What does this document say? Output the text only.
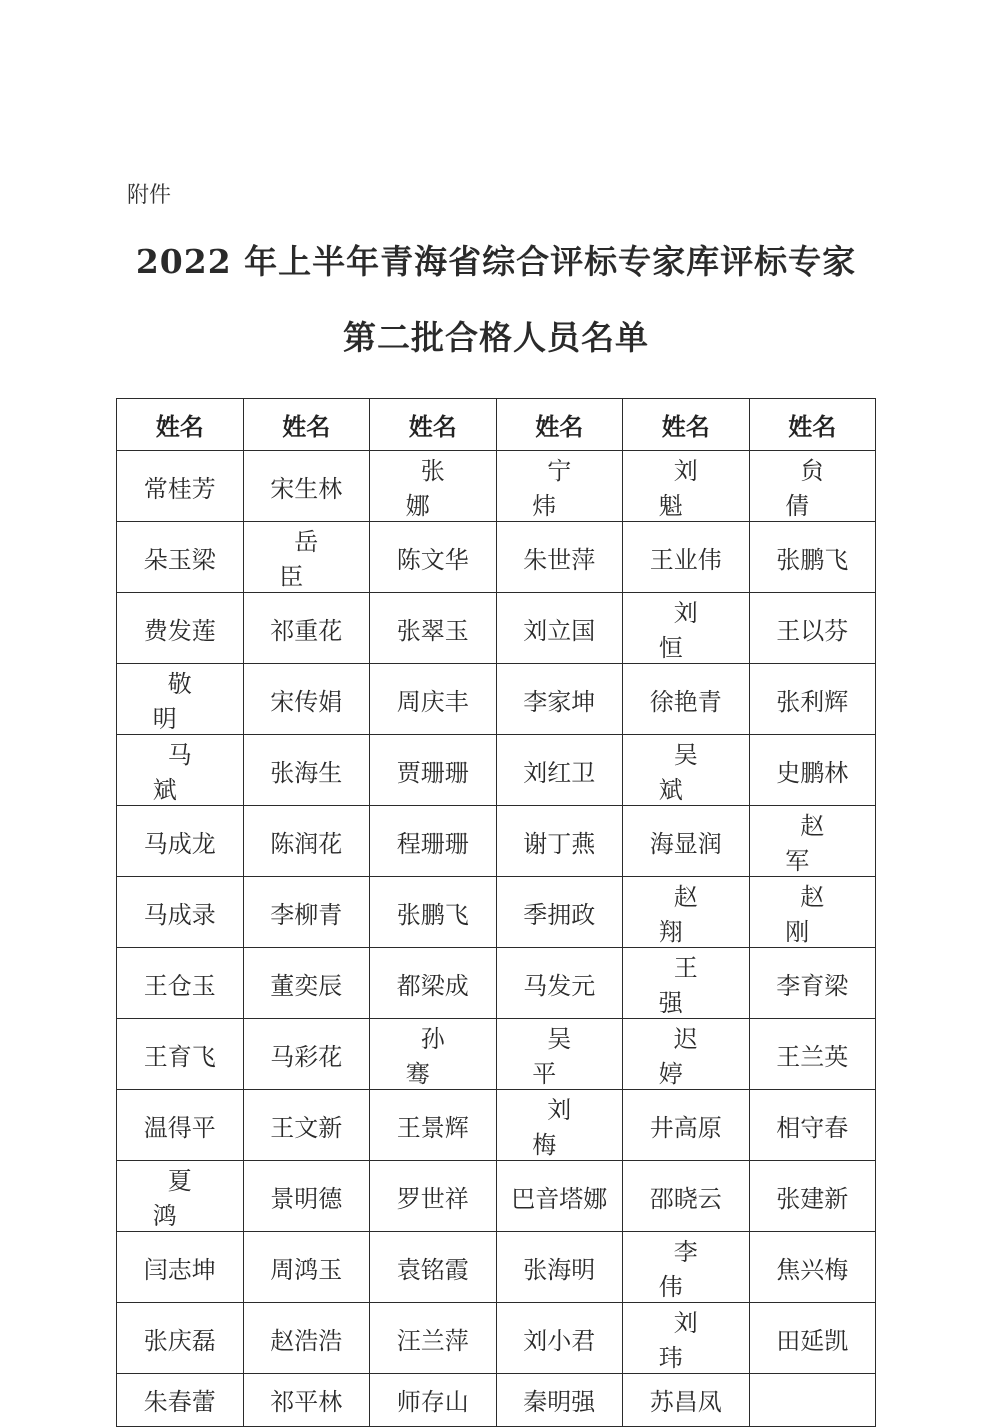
附件
2022 年上半年青海省综合评标专家库评标专家
第二批合格人员名单
姓名	姓名	姓名	姓名	姓名	姓名
常桂芳	宋生林	张娜	宁炜	刘魁	贠倩
朵玉梁	岳臣	陈文华	朱世萍	王业伟	张鹏飞
费发莲	祁重花	张翠玉	刘立国	刘恒	王以芬
敬明	宋传娟	周庆丰	李家坤	徐艳青	张利辉
马斌	张海生	贾珊珊	刘红卫	吴斌	史鹏林
马成龙	陈润花	程珊珊	谢丁燕	海显润	赵军
马成录	李柳青	张鹏飞	季拥政	赵翔	赵刚
王仓玉	董奕辰	都梁成	马发元	王强	李育梁
王育飞	马彩花	孙骞	吴平	迟婷	王兰英
温得平	王文新	王景辉	刘梅	井高原	相守春
夏鸿	景明德	罗世祥	巴音塔娜	邵晓云	张建新
闫志坤	周鸿玉	袁铭霞	张海明	李伟	焦兴梅
张庆磊	赵浩浩	汪兰萍	刘小君	刘玮	田延凯
朱春蕾	祁平林	师存山	秦明强	苏昌凤	
